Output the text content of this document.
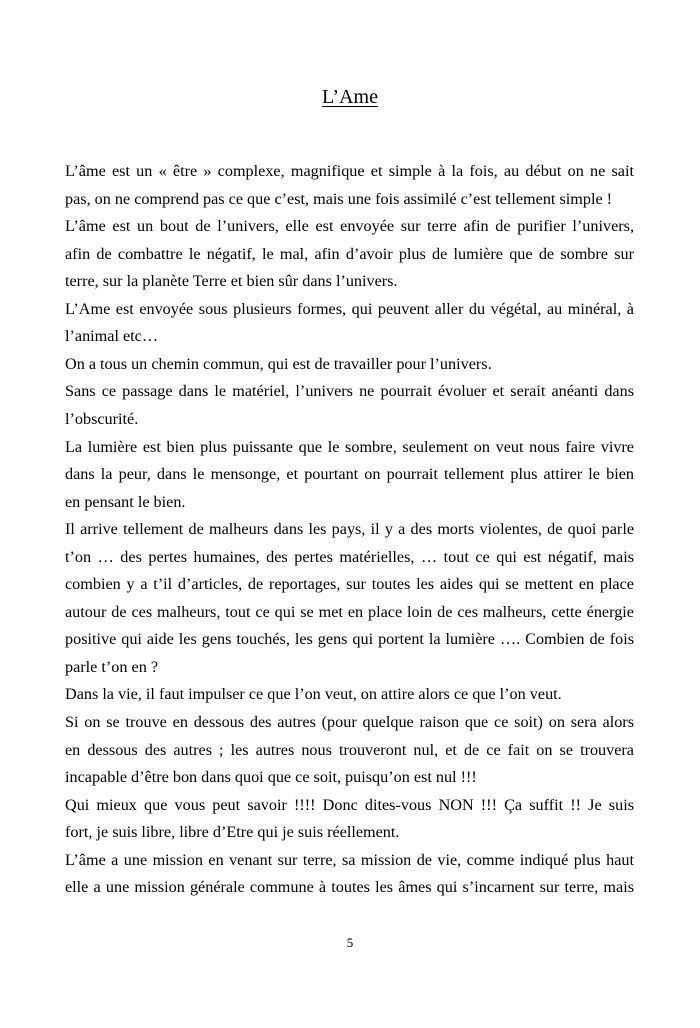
L’Ame
L’âme est un « être » complexe, magnifique et simple à la fois, au début on ne sait
pas, on ne comprend pas ce que c’est, mais une fois assimilé c’est tellement simple !
L’âme est un bout de l’univers, elle est envoyée sur terre afin de purifier l’univers,
afin de combattre le négatif, le mal, afin d’avoir plus de lumière que de sombre sur
terre, sur la planète Terre et bien sûr dans l’univers.
L’Ame est envoyée sous plusieurs formes, qui peuvent aller du végétal, au minéral, à
l’animal etc…
On a tous un chemin commun, qui est de travailler pour l’univers.
Sans ce passage dans le matériel, l’univers ne pourrait évoluer et serait anéanti dans
l’obscurité.
La lumière est bien plus puissante que le sombre, seulement on veut nous faire vivre
dans la peur, dans le mensonge, et pourtant on pourrait tellement plus attirer le bien
en pensant le bien.
Il arrive tellement de malheurs dans les pays, il y a des morts violentes, de quoi parle
t’on … des pertes humaines, des pertes matérielles, … tout ce qui est négatif, mais
combien y a t’il d’articles, de reportages, sur toutes les aides qui se mettent en place
autour de ces malheurs, tout ce qui se met en place loin de ces malheurs, cette énergie
positive qui aide les gens touchés, les gens qui portent la lumière …. Combien de fois
parle t’on en ?
Dans la vie, il faut impulser ce que l’on veut, on attire alors ce que l’on veut.
Si on se trouve en dessous des autres (pour quelque raison que ce soit) on sera alors
en dessous des autres ; les autres nous trouveront nul, et de ce fait on se trouvera
incapable d’être bon dans quoi que ce soit, puisqu’on est nul !!!
Qui mieux que vous peut savoir !!!! Donc dites-vous NON !!! Ça suffit !! Je suis
fort, je suis libre, libre d’Etre qui je suis réellement.
L’âme a une mission en venant sur terre, sa mission de vie, comme indiqué plus haut
elle a une mission générale commune à toutes les âmes qui s’incarnent sur terre, mais
5
